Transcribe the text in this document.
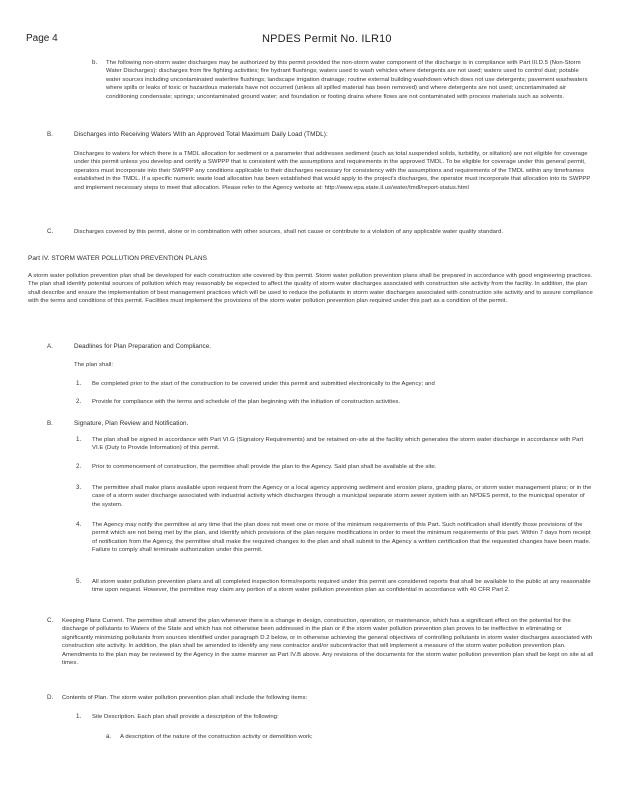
Page 4	NPDES Permit No. ILR10
b. The following non-storm water discharges may be authorized by this permit provided the non-storm water component of the discharge is in compliance with Part III.D.5 (Non-Storm Water Discharges): discharges from fire fighting activities; fire hydrant flushings; waters used to wash vehicles where detergents are not used; waters used to control dust; potable water sources including uncontaminated waterline flushings; landscape irrigation drainage; routine external building washdown which does not use detergents; pavement washwaters where spills or leaks of toxic or hazardous materials have not occurred (unless all spilled material has been removed) and where detergents are not used; uncontaminated air conditioning condensate; springs; uncontaminated ground water; and foundation or footing drains where flows are not contaminated with process materials such as solvents.
B.	Discharges into Receiving Waters With an Approved Total Maximum Daily Load (TMDL):
Discharges to waters for which there is a TMDL allocation for sediment or a parameter that addresses sediment (such as total suspended solids, turbidity, or siltation) are not eligible for coverage under this permit unless you develop and certify a SWPPP that is consistent with the assumptions and requirements in the approved TMDL. To be eligible for coverage under this general permit, operators must incorporate into their SWPPP any conditions applicable to their discharges necessary for consistency with the assumptions and requirements of the TMDL within any timeframes established in the TMDL. If a specific numeric waste load allocation has been established that would apply to the project's discharges, the operator must incorporate that allocation into its SWPPP and implement necessary steps to meet that allocation. Please refer to the Agency website at: http://www.epa.state.il.us/water/tmdl/report-status.html
C.	Discharges covered by this permit, alone or in combination with other sources, shall not cause or contribute to a violation of any applicable water quality standard.
Part IV. STORM WATER POLLUTION PREVENTION PLANS
A storm water pollution prevention plan shall be developed for each construction site covered by this permit. Storm water pollution prevention plans shall be prepared in accordance with good engineering practices. The plan shall identify potential sources of pollution which may reasonably be expected to affect the quality of storm water discharges associated with construction site activity from the facility. In addition, the plan shall describe and ensure the implementation of best management practices which will be used to reduce the pollutants in storm water discharges associated with construction site activity and to assure compliance with the terms and conditions of this permit. Facilities must implement the provisions of the storm water pollution prevention plan required under this part as a condition of the permit.
A.	Deadlines for Plan Preparation and Compliance.
The plan shall:
1. Be completed prior to the start of the construction to be covered under this permit and submitted electronically to the Agency; and
2. Provide for compliance with the terms and schedule of the plan beginning with the initiation of construction activities.
B.	Signature, Plan Review and Notification.
1. The plan shall be signed in accordance with Part VI.G (Signatory Requirements) and be retained on-site at the facility which generates the storm water discharge in accordance with Part VI.E (Duty to Provide Information) of this permit.
2. Prior to commencement of construction, the permittee shall provide the plan to the Agency. Said plan shall be available at the site.
3. The permittee shall make plans available upon request from the Agency or a local agency approving sediment and erosion plans, grading plans, or storm water management plans; or in the case of a storm water discharge associated with industrial activity which discharges through a municipal separate storm sewer system with an NPDES permit, to the municipal operator of the system.
4. The Agency may notify the permittee at any time that the plan does not meet one or more of the minimum requirements of this Part. Such notification shall identify those provisions of the permit which are not being met by the plan, and identify which provisions of the plan require modifications in order to meet the minimum requirements of this part. Within 7 days from receipt of notification from the Agency, the permittee shall make the required changes to the plan and shall submit to the Agency a written certification that the requested changes have been made. Failure to comply shall terminate authorization under this permit.
5. All storm water pollution prevention plans and all completed inspection forms/reports required under this permit are considered reports that shall be available to the public at any reasonable time upon request. However, the permittee may claim any portion of a storm water pollution prevention plan as confidential in accordance with 40 CFR Part 2.
C. Keeping Plans Current. The permittee shall amend the plan whenever there is a change in design, construction, operation, or maintenance, which has a significant effect on the potential for the discharge of pollutants to Waters of the State and which has not otherwise been addressed in the plan or if the storm water pollution prevention plan proves to be ineffective in eliminating or significantly minimizing pollutants from sources identified under paragraph D.2 below, or in otherwise achieving the general objectives of controlling pollutants in storm water discharges associated with construction site activity. In addition, the plan shall be amended to identify any new contractor and/or subcontractor that will implement a measure of the storm water pollution prevention plan. Amendments to the plan may be reviewed by the Agency in the same manner as Part IV.B above. Any revisions of the documents for the storm water pollution prevention plan shall be kept on site at all times.
D. Contents of Plan. The storm water pollution prevention plan shall include the following items:
1. Site Description. Each plan shall provide a description of the following:
a. A description of the nature of the construction activity or demolition work;
